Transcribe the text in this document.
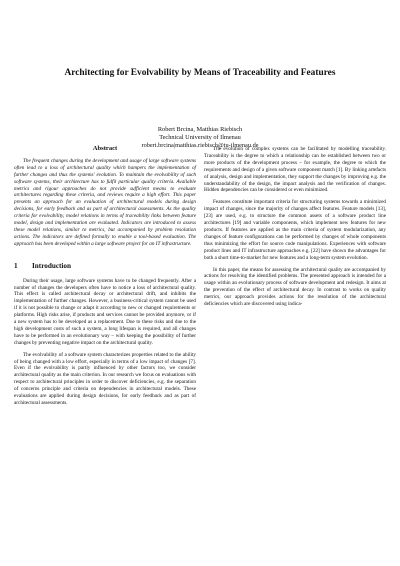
Architecting for Evolvability by Means of Traceability and Features
Robert Brcina, Matthias Riebisch
Technical University of Ilmenau
robert.brcina|matthias.riebisch@tu-ilmenau.de
Abstract

The frequent changes during the development and usage of large software systems often lead to a loss of architectural quality which hampers the implementation of further changes and thus the systems' evolution. To maintain the evolvability of such software systems, their architecture has to fulfil particular quality criteria. Available metrics and rigour approaches do not provide sufficient means to evaluate architectures regarding these criteria, and reviews require a high effort. This paper presents an approach for an evaluation of architectural models during design decisions, for early feedback and as part of architectural assessments. As the quality criteria for evolvability, model relations in terms of traceability links between feature model, design and implementation are evaluated. Indicators are introduced to assess these model relations, similar to metrics, but accompanied by problem resolution actions. The indicators are defined formally to enable a tool-based evaluation. The approach has been developed within a large software project for an IT infrastructure.

1 Introduction

During their usage, large software systems have to be changed frequently. After a number of changes the developers often have to notice a loss of architectural quality. This effect is called architectural decay or architectural drift, and inhibits the implementation of further changes. However, a business-critical system cannot be used if it is not possible to change or adapt it according to new or changed requirements or platforms. High risks arise, if products and services cannot be provided anymore, or if a new system has to be developed as a replacement. Due to these risks and due to the high development costs of such a system, a long lifespan is required, and all changes have to be performed in an evolutionary way – with keeping the possibility of further changes by preventing negative impact on the architectural quality.

The evolvability of a software system characterizes properties related to the ability of being changed with a low effort, especially in terms of a low impact of changes [7]. Even if the evolvability is partly influenced by other factors too, we consider architectural quality as the main criterion. In our research we focus on evaluations with respect to architectural principles in order to discover deficiencies, e.g. the separation of concerns principle and criteria on dependencies in architectural models. These evaluations are applied during design decisions, for early feedback and as part of architectural assessments.

The evolution of complex systems can be facilitated by modelling traceability. Traceability is the degree to which a relationship can be established between two or more products of the development process – for example, the degree to which the requirements and design of a given software component match [1]. By linking artefacts of analysis, design and implementation, they support the changes by improving e.g. the understandability of the design, the impact analysis and the verification of changes. Hidden dependencies can be considered or even minimized.

Features constitute important criteria for structuring systems towards a minimized impact of changes, since the majority of changes affect features. Feature models [13], [23] are used, e.g. to structure the common assets of a software product line architectures [19] and variable components, which implement new features for new products. If features are applied as the main criteria of system modularization, any changes of feature configurations can be performed by changes of whole components thus minimizing the effort for source code manipulations. Experiences with software product lines and IT infrastructure approaches e.g. [22] have shown the advantages for both a short time-to-market for new features and a long-term system evolution.

In this paper, the means for assessing the architectural quality are accompanied by actions for resolving the identified problems. The presented approach is intended for a usage within an evolutionary process of software development and redesign. It aims at the prevention of the effect of architectural decay. In contrast to works on quality metrics, our approach provides actions for the resolution of the architectural deficiencies which are discovered using indica-
